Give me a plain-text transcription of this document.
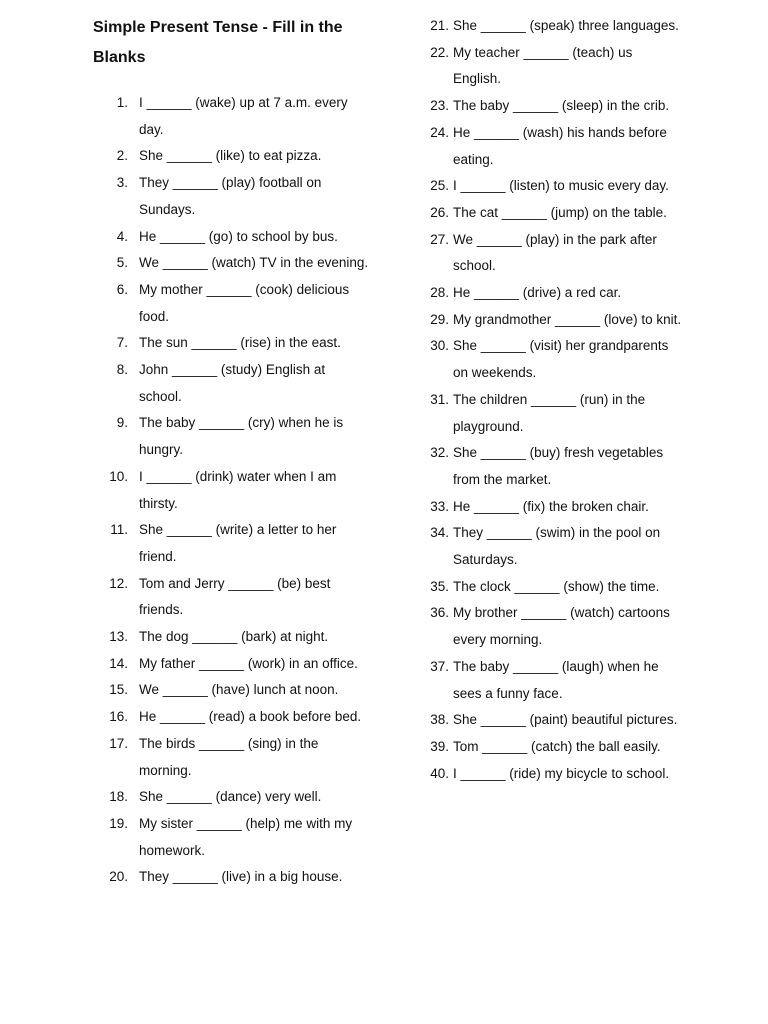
Simple Present Tense - Fill in the Blanks
1. I ______ (wake) up at 7 a.m. every day.
2. She ______ (like) to eat pizza.
3. They ______ (play) football on Sundays.
4. He ______ (go) to school by bus.
5. We ______ (watch) TV in the evening.
6. My mother ______ (cook) delicious food.
7. The sun ______ (rise) in the east.
8. John ______ (study) English at school.
9. The baby ______ (cry) when he is hungry.
10. I ______ (drink) water when I am thirsty.
11. She ______ (write) a letter to her friend.
12. Tom and Jerry ______ (be) best friends.
13. The dog ______ (bark) at night.
14. My father ______ (work) in an office.
15. We ______ (have) lunch at noon.
16. He ______ (read) a book before bed.
17. The birds ______ (sing) in the morning.
18. She ______ (dance) very well.
19. My sister ______ (help) me with my homework.
20. They ______ (live) in a big house.
21. She ______ (speak) three languages.
22. My teacher ______ (teach) us English.
23. The baby ______ (sleep) in the crib.
24. He ______ (wash) his hands before eating.
25. I ______ (listen) to music every day.
26. The cat ______ (jump) on the table.
27. We ______ (play) in the park after school.
28. He ______ (drive) a red car.
29. My grandmother ______ (love) to knit.
30. She ______ (visit) her grandparents on weekends.
31. The children ______ (run) in the playground.
32. She ______ (buy) fresh vegetables from the market.
33. He ______ (fix) the broken chair.
34. They ______ (swim) in the pool on Saturdays.
35. The clock ______ (show) the time.
36. My brother ______ (watch) cartoons every morning.
37. The baby ______ (laugh) when he sees a funny face.
38. She ______ (paint) beautiful pictures.
39. Tom ______ (catch) the ball easily.
40. I ______ (ride) my bicycle to school.
